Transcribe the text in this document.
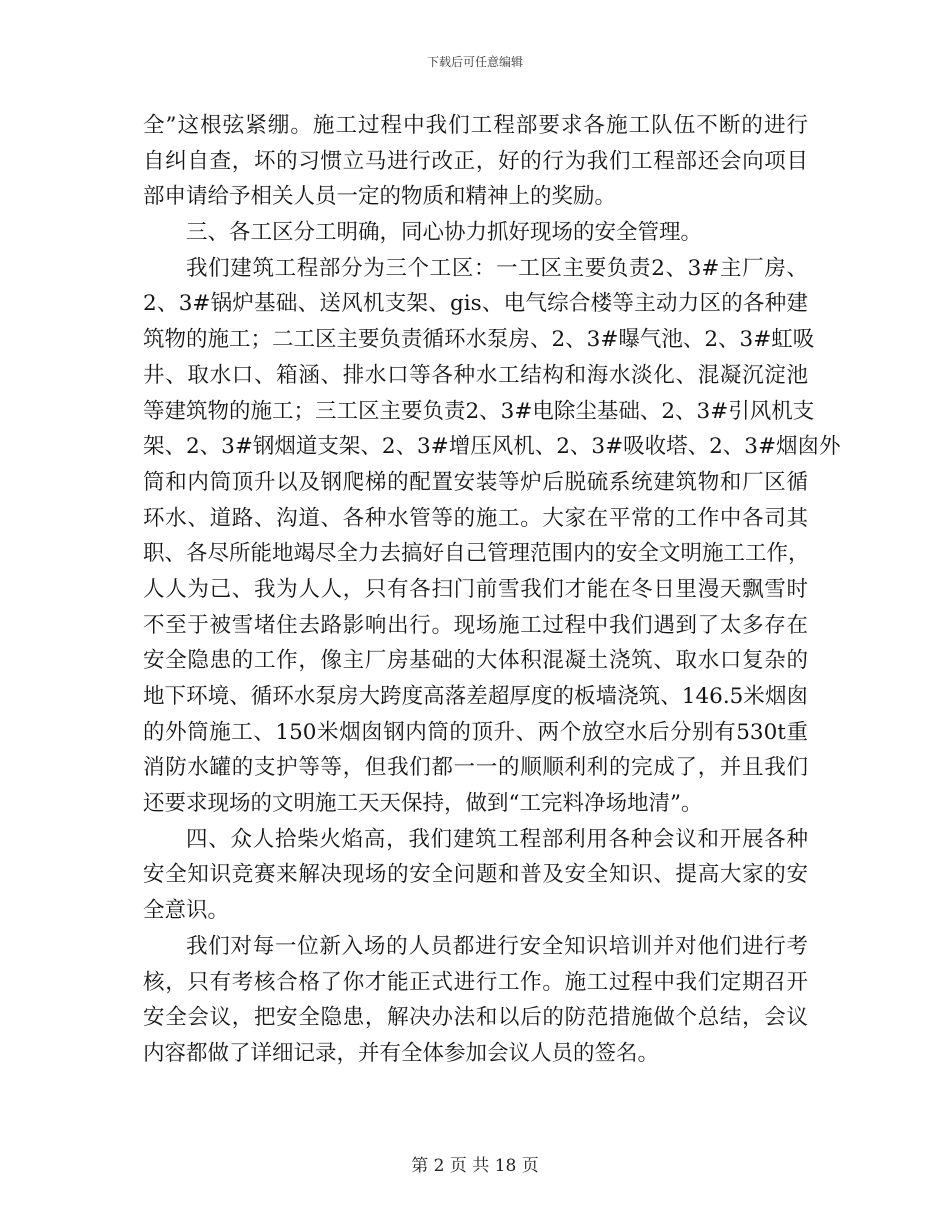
下载后可任意编辑
全”这根弦紧绷。施工过程中我们工程部要求各施工队伍不断的进行
自纠自查，坏的习惯立马进行改正，好的行为我们工程部还会向项目
部申请给予相关人员一定的物质和精神上的奖励。
三、各工区分工明确，同心协力抓好现场的安全管理。
我们建筑工程部分为三个工区：一工区主要负责2、3#主厂房、
2、3#锅炉基础、送风机支架、gis、电气综合楼等主动力区的各种建
筑物的施工；二工区主要负责循环水泵房、2、3#曝气池、2、3#虹吸
井、取水口、箱涵、排水口等各种水工结构和海水淡化、混凝沉淀池
等建筑物的施工；三工区主要负责2、3#电除尘基础、2、3#引风机支
架、2、3#钢烟道支架、2、3#增压风机、2、3#吸收塔、2、3#烟囱外
筒和内筒顶升以及钢爬梯的配置安装等炉后脱硫系统建筑物和厂区循
环水、道路、沟道、各种水管等的施工。大家在平常的工作中各司其
职、各尽所能地竭尽全力去搞好自己管理范围内的安全文明施工工作，
人人为己、我为人人，只有各扫门前雪我们才能在冬日里漫天飘雪时
不至于被雪堵住去路影响出行。现场施工过程中我们遇到了太多存在
安全隐患的工作，像主厂房基础的大体积混凝土浇筑、取水口复杂的
地下环境、循环水泵房大跨度高落差超厚度的板墙浇筑、146.5米烟囱
的外筒施工、150米烟囱钢内筒的顶升、两个放空水后分别有530t重
消防水罐的支护等等，但我们都一一的顺顺利利的完成了，并且我们
还要求现场的文明施工天天保持，做到“工完料净场地清”。
四、众人拾柴火焰高，我们建筑工程部利用各种会议和开展各种
安全知识竞赛来解决现场的安全问题和普及安全知识、提高大家的安
全意识。
我们对每一位新入场的人员都进行安全知识培训并对他们进行考
核，只有考核合格了你才能正式进行工作。施工过程中我们定期召开
安全会议，把安全隐患，解决办法和以后的防范措施做个总结，会议
内容都做了详细记录，并有全体参加会议人员的签名。
第 2 页 共 18 页
